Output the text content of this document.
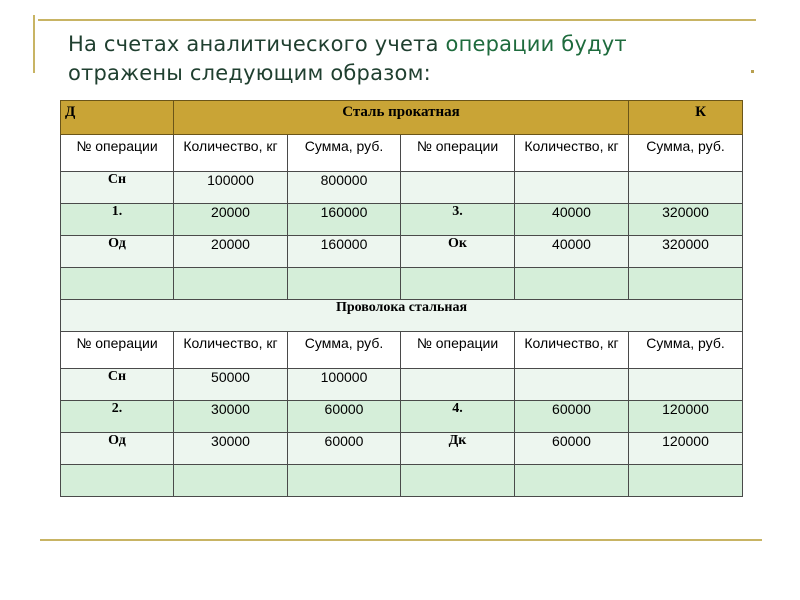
На счетах аналитического учета операции будут
отражены следующим образом:
Д	Сталь прокатная				К
№ операции	Количество, кг	Сумма, руб.	№ операции	Количество, кг	Сумма, руб.
Сн	100000	800000			
1.	20000	160000	3.	40000	320000
Од	20000	160000	Ок	40000	320000

Проволока стальная					
№ операции	Количество, кг	Сумма, руб.	№ операции	Количество, кг	Сумма, руб.
Сн	50000	100000			
2.	30000	60000	4.	60000	120000
Од	30000	60000	Дк	60000	120000
